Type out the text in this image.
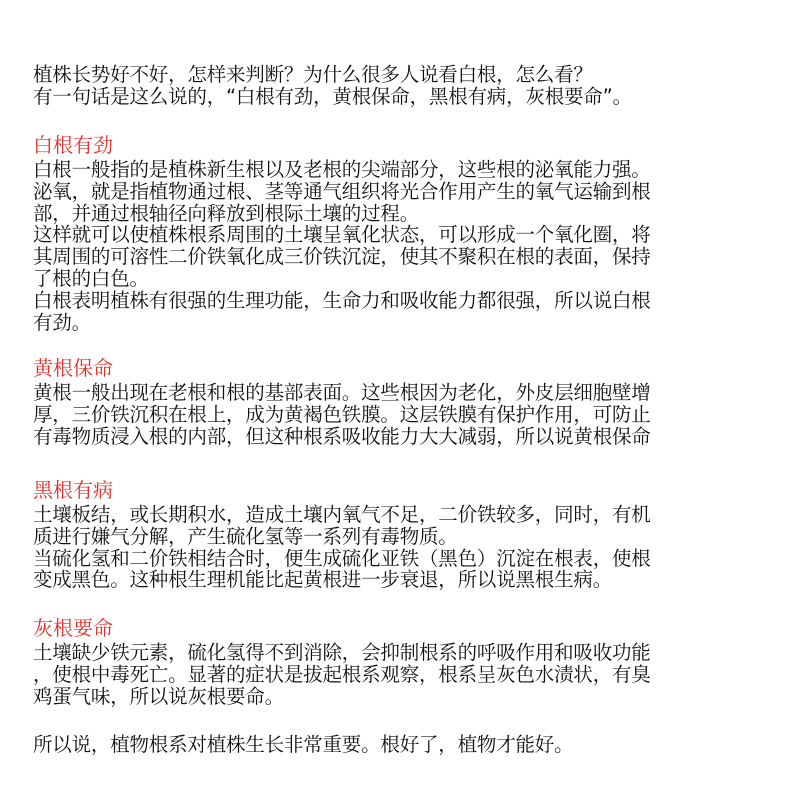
植株长势好不好，怎样来判断？为什么很多人说看白根，怎么看？
有一句话是这么说的，“白根有劲，黄根保命，黑根有病，灰根要命”。
白根有劲
白根一般指的是植株新生根以及老根的尖端部分，这些根的泌氧能力强。
泌氧，就是指植物通过根、茎等通气组织将光合作用产生的氧气运输到根
部，并通过根轴径向释放到根际土壤的过程。
这样就可以使植株根系周围的土壤呈氧化状态，可以形成一个氧化圈，将
其周围的可溶性二价铁氧化成三价铁沉淀，使其不聚积在根的表面，保持
了根的白色。
白根表明植株有很强的生理功能，生命力和吸收能力都很强，所以说白根
有劲。
黄根保命
黄根一般出现在老根和根的基部表面。这些根因为老化，外皮层细胞壁增
厚，三价铁沉积在根上，成为黄褐色铁膜。这层铁膜有保护作用，可防止
有毒物质浸入根的内部，但这种根系吸收能力大大减弱，所以说黄根保命
黑根有病
土壤板结，或长期积水，造成土壤内氧气不足，二价铁较多，同时，有机
质进行嫌气分解，产生硫化氢等一系列有毒物质。
当硫化氢和二价铁相结合时，便生成硫化亚铁（黑色）沉淀在根表，使根
变成黑色。这种根生理机能比起黄根进一步衰退，所以说黑根生病。
灰根要命
土壤缺少铁元素，硫化氢得不到消除，会抑制根系的呼吸作用和吸收功能
，使根中毒死亡。显著的症状是拔起根系观察，根系呈灰色水渍状，有臭
鸡蛋气味，所以说灰根要命。
所以说，植物根系对植株生长非常重要。根好了，植物才能好。
